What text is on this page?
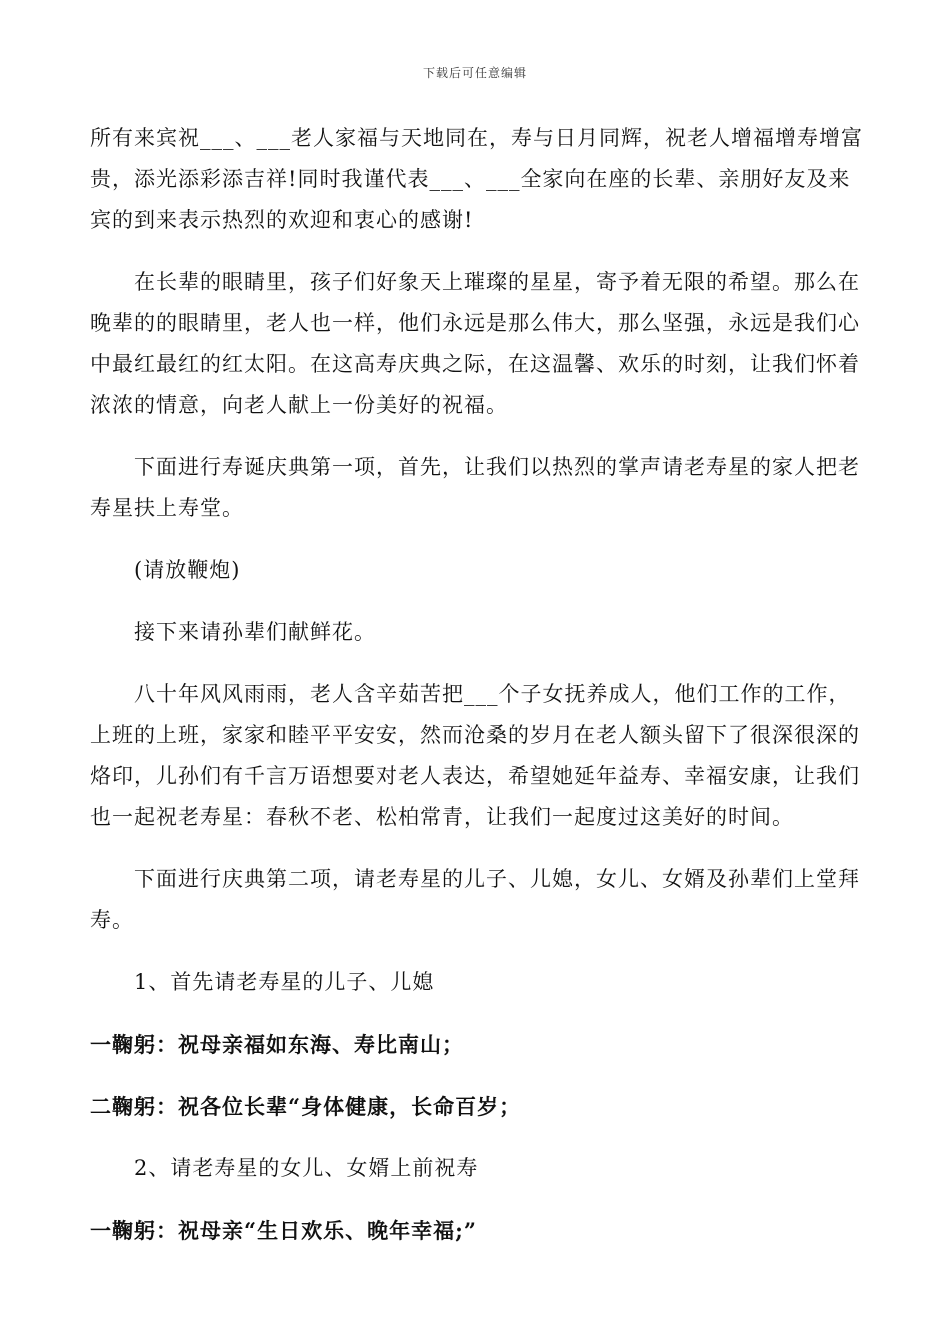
下载后可任意编辑

所有来宾祝___、___老人家福与天地同在，寿与日月同辉，祝老人增福增寿增富贵，添光添彩添吉祥!同时我谨代表___、___全家向在座的长辈、亲朋好友及来宾的到来表示热烈的欢迎和衷心的感谢!

在长辈的眼睛里，孩子们好象天上璀璨的星星，寄予着无限的希望。那么在晚辈的的眼睛里，老人也一样，他们永远是那么伟大，那么坚强，永远是我们心中最红最红的红太阳。在这高寿庆典之际，在这温馨、欢乐的时刻，让我们怀着浓浓的情意，向老人献上一份美好的祝福。

下面进行寿诞庆典第一项，首先，让我们以热烈的掌声请老寿星的家人把老寿星扶上寿堂。

(请放鞭炮)

接下来请孙辈们献鲜花。

八十年风风雨雨，老人含辛茹苦把___个子女抚养成人，他们工作的工作，上班的上班，家家和睦平平安安，然而沧桑的岁月在老人额头留下了很深很深的烙印，儿孙们有千言万语想要对老人表达，希望她延年益寿、幸福安康，让我们也一起祝老寿星：春秋不老、松柏常青，让我们一起度过这美好的时间。

下面进行庆典第二项，请老寿星的儿子、儿媳，女儿、女婿及孙辈们上堂拜寿。

1、首先请老寿星的儿子、儿媳

一鞠躬：祝母亲福如东海、寿比南山；

二鞠躬：祝各位长辈“身体健康，长命百岁；

2、请老寿星的女儿、女婿上前祝寿

一鞠躬：祝母亲“生日欢乐、晚年幸福;”
